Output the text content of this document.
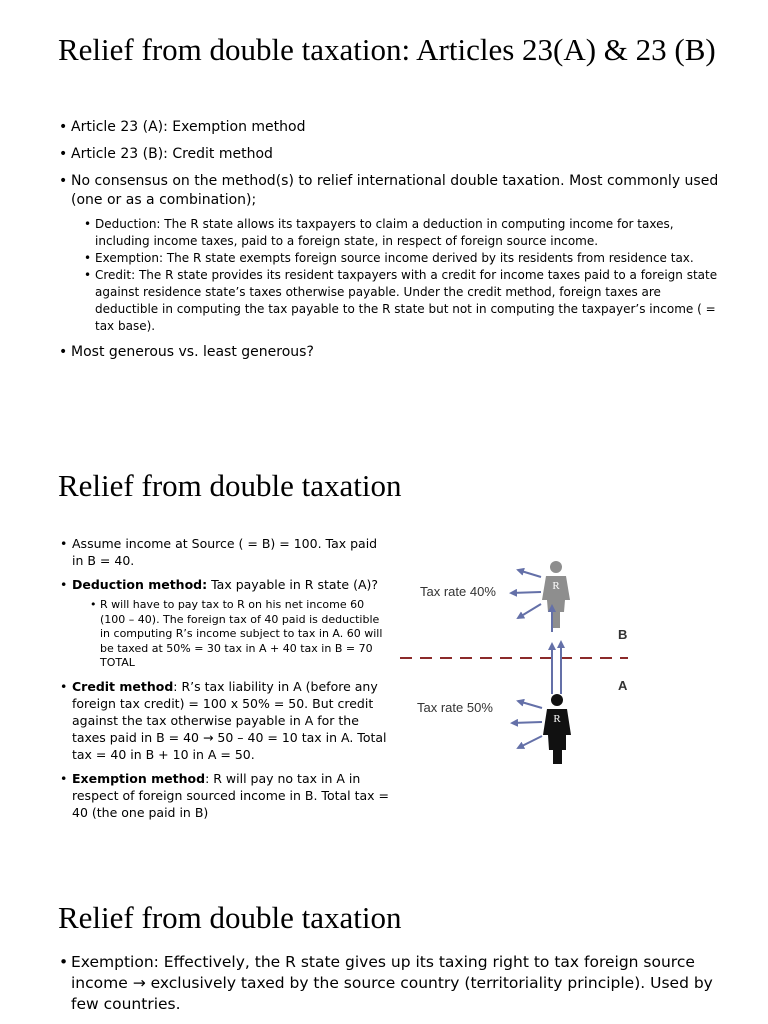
Relief from double taxation: Articles 23(A) & 23 (B)
• Article 23 (A): Exemption method
• Article 23 (B): Credit method
• No consensus on the method(s) to relief international double taxation. Most commonly used (one or as a combination);
• Deduction: The R state allows its taxpayers to claim a deduction in computing income for taxes, including income taxes, paid to a foreign state, in respect of foreign source income.
• Exemption: The R state exempts foreign source income derived by its residents from residence tax.
• Credit: The R state provides its resident taxpayers with a credit for income taxes paid to a foreign state against residence state’s taxes otherwise payable. Under the credit method, foreign taxes are deductible in computing the tax payable to the R state but not in computing the taxpayer’s income ( = tax base).
• Most generous vs. least generous?
Relief from double taxation
• Assume income at Source ( = B) = 100. Tax paid in B = 40.
• Deduction method: Tax payable in R state (A)?
• R will have to pay tax to R on his net income 60 (100 – 40). The foreign tax of 40 paid is deductible in computing R’s income subject to tax in A. 60 will be taxed at 50% = 30 tax in A + 40 tax in B = 70 TOTAL
• Credit method: R’s tax liability in A (before any foreign tax credit) = 100 x 50% = 50. But credit against the tax otherwise payable in A for the taxes paid in B = 40 → 50 – 40 = 10 tax in A. Total tax = 40 in B + 10 in A = 50.
• Exemption method: R will pay no tax in A in respect of foreign sourced income in B. Total tax = 40 (the one paid in B)
Tax rate 40%
Tax rate 50%
B
A
R
R
Relief from double taxation
• Exemption: Effectively, the R state gives up its taxing right to tax foreign source income → exclusively taxed by the source country (territoriality principle). Used by few countries.
